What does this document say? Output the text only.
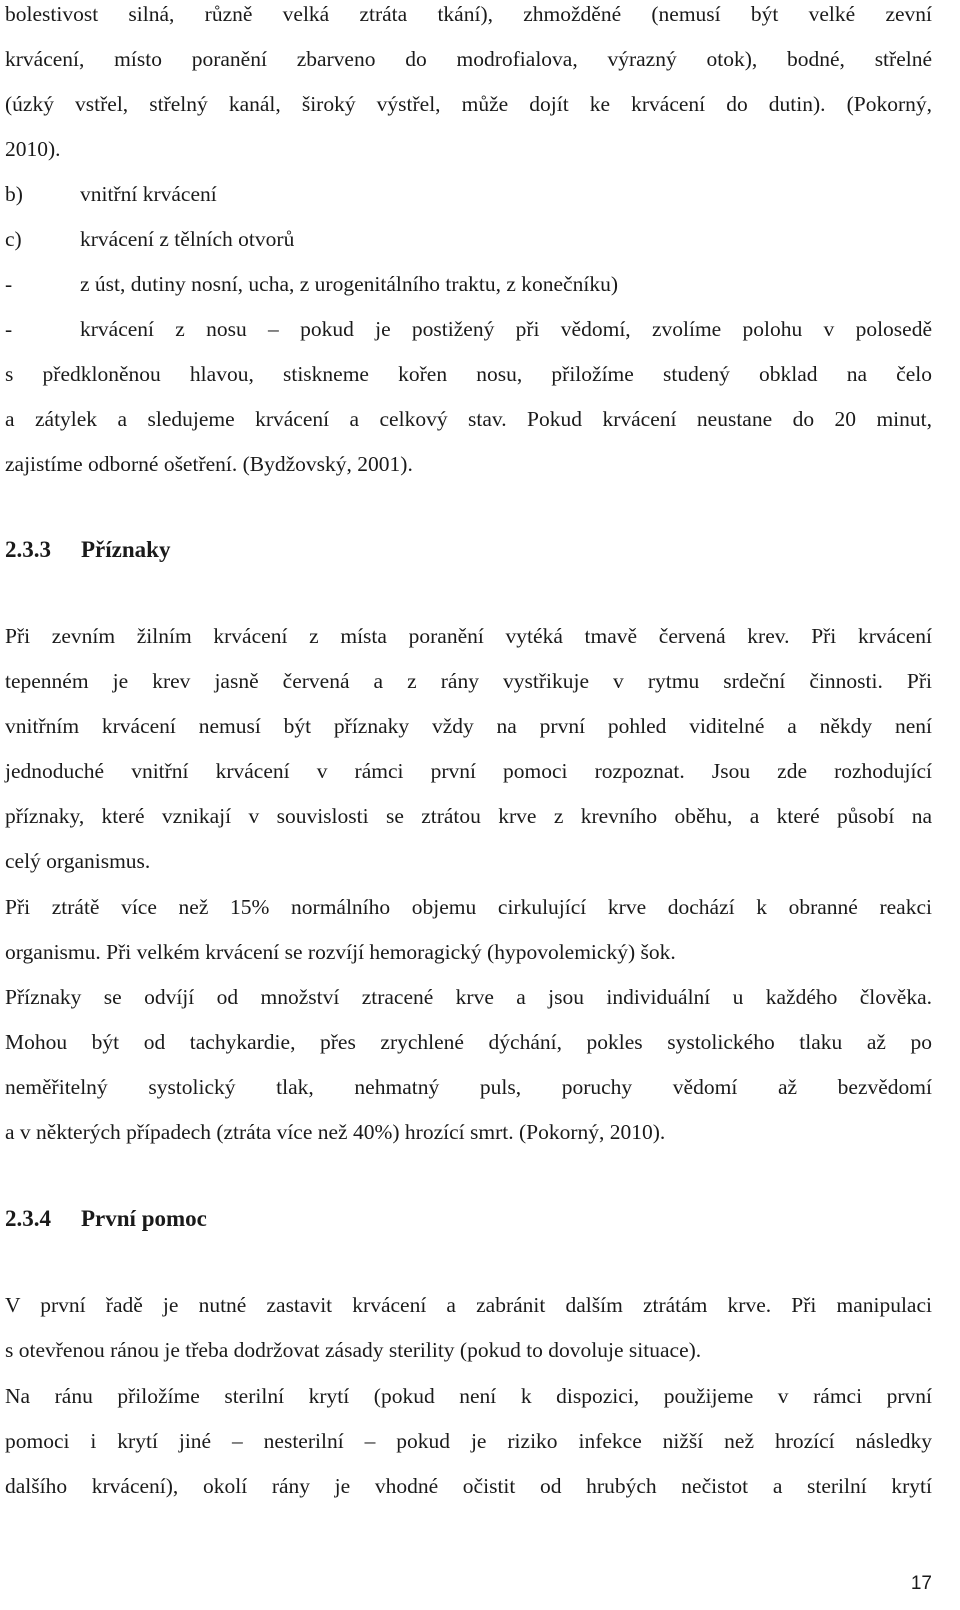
bolestivost silná, různě velká ztráta tkání), zhmožděné (nemusí být velké zevní
krvácení, místo poranění zbarveno do modrofialova, výrazný otok), bodné, střelné
(úzký vstřel, střelný kanál, široký výstřel, může dojít ke krvácení do dutin). (Pokorný,
2010).
b)	vnitřní krvácení
c)	krvácení z tělních otvorů
-	z úst, dutiny nosní, ucha, z urogenitálního traktu, z konečníku)
-	krvácení z nosu – pokud je postižený při vědomí, zvolíme polohu v polosedě
s předkloněnou hlavou, stiskneme kořen nosu, přiložíme studený obklad na čelo
a zátylek a sledujeme krvácení a celkový stav. Pokud krvácení neustane do 20 minut,
zajistíme odborné ošetření. (Bydžovský, 2001).
2.3.3 Příznaky
Při zevním žilním krvácení z místa poranění vytéká tmavě červená krev. Při krvácení
tepenném je krev jasně červená a z rány vystřikuje v rytmu srdeční činnosti. Při
vnitřním krvácení nemusí být příznaky vždy na první pohled viditelné a někdy není
jednoduché vnitřní krvácení v rámci první pomoci rozpoznat. Jsou zde rozhodující
příznaky, které vznikají v souvislosti se ztrátou krve z krevního oběhu, a které působí na
celý organismus.
Při ztrátě více než 15% normálního objemu cirkulující krve dochází k obranné reakci
organismu. Při velkém krvácení se rozvíjí hemoragický (hypovolemický) šok.
Příznaky se odvíjí od množství ztracené krve a jsou individuální u každého člověka.
Mohou být od tachykardie, přes zrychlené dýchání, pokles systolického tlaku až po
neměřitelný systolický tlak, nehmatný puls, poruchy vědomí až bezvědomí
a v některých případech (ztráta více než 40%) hrozící smrt. (Pokorný, 2010).
2.3.4 První pomoc
V první řadě je nutné zastavit krvácení a zabránit dalším ztrátám krve. Při manipulaci
s otevřenou ránou je třeba dodržovat zásady sterility (pokud to dovoluje situace).
Na ránu přiložíme sterilní krytí (pokud není k dispozici, použijeme v rámci první
pomoci i krytí jiné – nesterilní – pokud je riziko infekce nižší než hrozící následky
dalšího krvácení), okolí rány je vhodné očistit od hrubých nečistot a sterilní krytí
17
